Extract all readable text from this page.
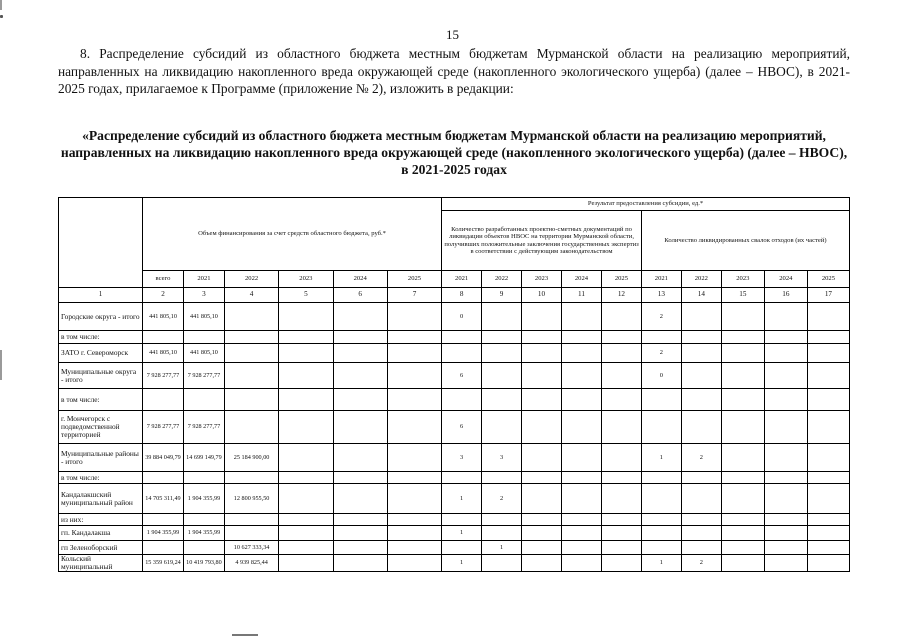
15
8. Распределение субсидий из областного бюджета местным бюджетам Мурманской области на реализацию мероприятий, направленных на ликвидацию накопленного вреда окружающей среде (накопленного экологического ущерба) (далее – НВОС), в 2021-2025 годах, прилагаемое к Программе (приложение № 2), изложить в редакции:
«Распределение субсидий из областного бюджета местным бюджетам Мурманской области на реализацию мероприятий, направленных на ликвидацию накопленного вреда окружающей среде (накопленного экологического ущерба) (далее – НВОС), в 2021-2025 годах
	Объем финансирования за счет средств областного бюджета, руб.*						Результат предоставления субсидии, ед.*									
							Количество разработанных проектно-сметных документаций по ликвидации объектов НВОС на территории Мурманской области, получивших положительные заключения государственных экспертиз в соответствии с действующим законодательством					Количество ликвидированных свалок отходов (их частей)				
	всего	2021	2022	2023	2024	2025	2021	2022	2023	2024	2025	2021	2022	2023	2024	2025
1	2	3	4	5	6	7	8	9	10	11	12	13	14	15	16	17
Городские округа - итого	441 805,10	441 805,10					0					2				
в том числе:																
ЗАТО г. Североморск	441 805,10	441 805,10										2				
Муниципальные округа - итого	7 928 277,77	7 928 277,77					6					0				
в том числе:																
г. Мончегорск с подведомственной территорией	7 928 277,77	7 928 277,77					6									
Муниципальные районы - итого	39 884 049,79	14 699 149,79	25 184 900,00				3	3				1	2			
в том числе:																
Кандалакшский муниципальный район	14 705 311,49	1 904 355,99	12 800 955,50				1	2								
из них:																
гп. Кандалакша	1 904 355,99	1 904 355,99					1									
гп Зеленоборский			10 627 333,34					1								
Кольский муниципальный	15 359 619,24	10 419 793,80	4 939 825,44				1					1	2			
